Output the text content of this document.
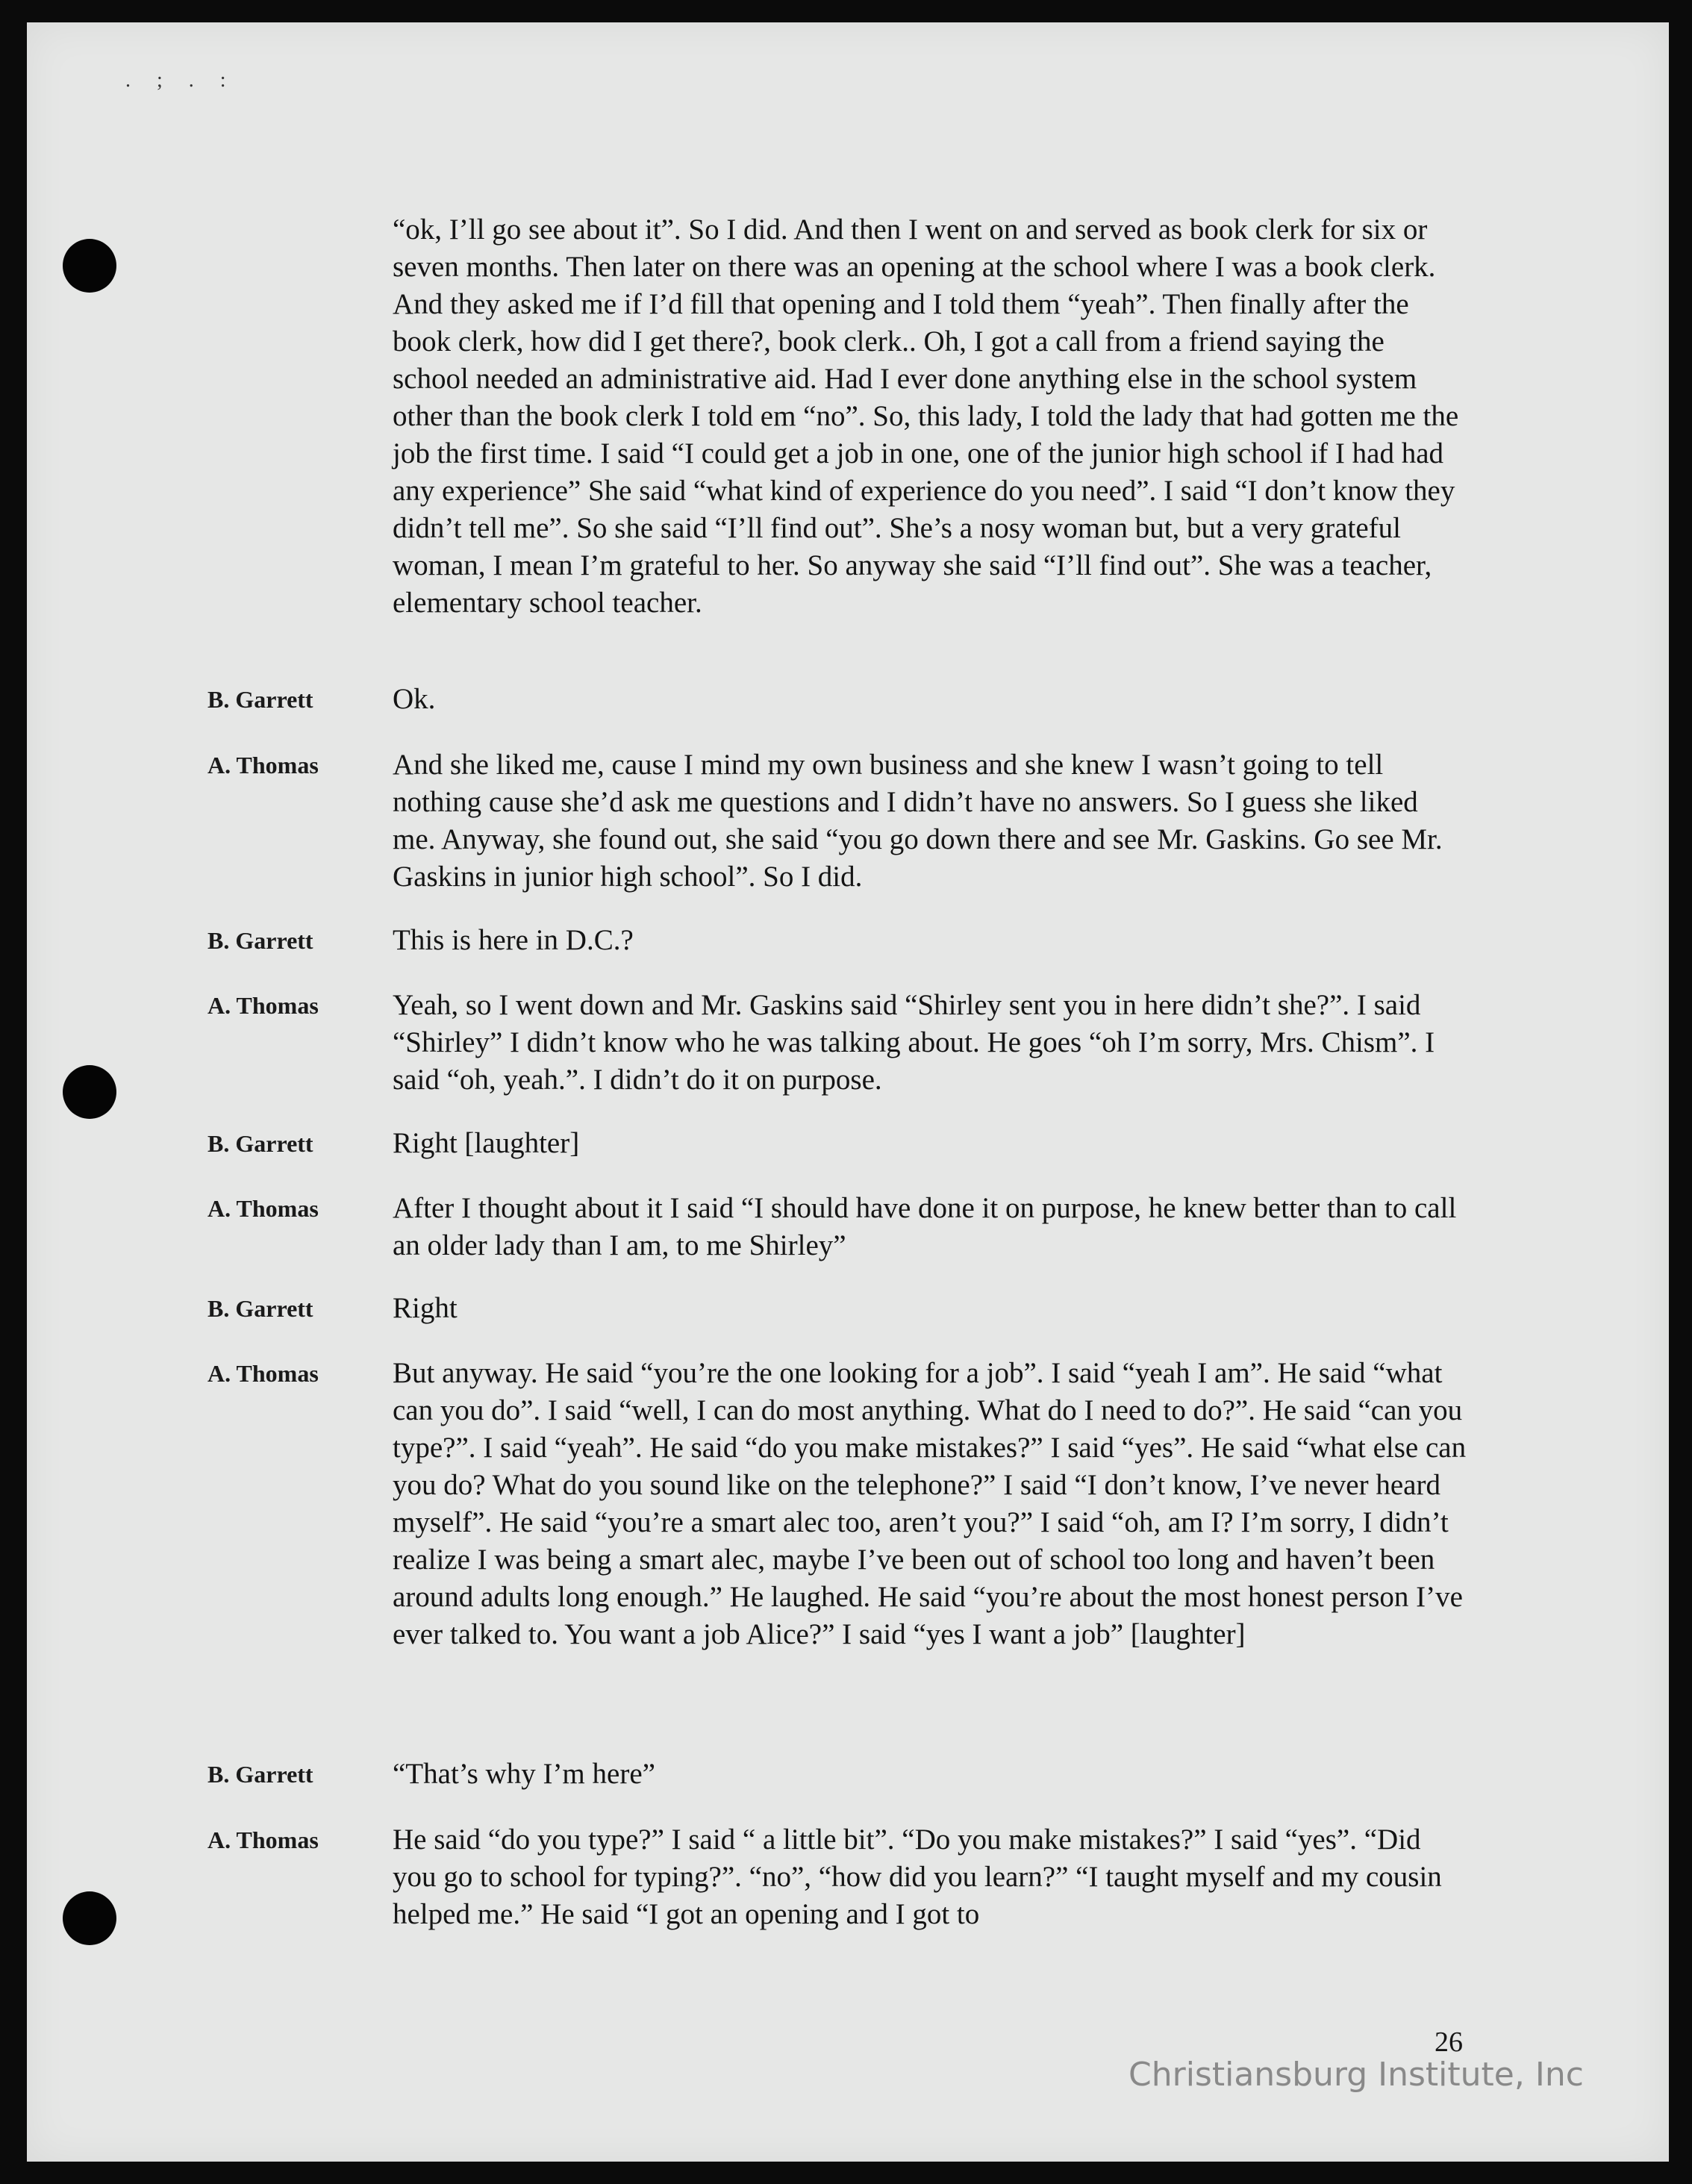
. ; . :
“ok, I’ll go see about it”. So I did. And then I went on and served as book clerk for six or seven months. Then later on there was an opening at the school where I was a book clerk. And they asked me if I’d fill that opening and I told them “yeah”. Then finally after the book clerk, how did I get there?, book clerk.. Oh, I got a call from a friend saying the school needed an administrative aid. Had I ever done anything else in the school system other than the book clerk I told em “no”. So, this lady, I told the lady that had gotten me the job the first time. I said “I could get a job in one, one of the junior high school if I had had any experience” She said “what kind of experience do you need”. I said “I don’t know they didn’t tell me”. So she said “I’ll find out”. She’s a nosy woman but, but a very grateful woman, I mean I’m grateful to her. So anyway she said “I’ll find out”. She was a teacher, elementary school teacher.
B. Garrett	Ok.
A. Thomas	And she liked me, cause I mind my own business and she knew I wasn’t going to tell nothing cause she’d ask me questions and I didn’t have no answers. So I guess she liked me. Anyway, she found out, she said “you go down there and see Mr. Gaskins. Go see Mr. Gaskins in junior high school”. So I did.
B. Garrett	This is here in D.C.?
A. Thomas	Yeah, so I went down and Mr. Gaskins said “Shirley sent you in here didn’t she?”. I said “Shirley” I didn’t know who he was talking about. He goes “oh I’m sorry, Mrs. Chism”. I said “oh, yeah.”. I didn’t do it on purpose.
B. Garrett	Right [laughter]
A. Thomas	After I thought about it I said “I should have done it on purpose, he knew better than to call an older lady than I am, to me Shirley”
B. Garrett	Right
A. Thomas	But anyway. He said “you’re the one looking for a job”. I said “yeah I am”. He said “what can you do”. I said “well, I can do most anything. What do I need to do?”. He said “can you type?”. I said “yeah”. He said “do you make mistakes?” I said “yes”. He said “what else can you do? What do you sound like on the telephone?” I said “I don’t know, I’ve never heard myself”. He said “you’re a smart alec too, aren’t you?” I said “oh, am I? I’m sorry, I didn’t realize I was being a smart alec, maybe I’ve been out of school too long and haven’t been around adults long enough.” He laughed. He said “you’re about the most honest person I’ve ever talked to. You want a job Alice?” I said “yes I want a job” [laughter]
B. Garrett	“That’s why I’m here”
A. Thomas	He said “do you type?” I said “ a little bit”. “Do you make mistakes?” I said “yes”. “Did you go to school for typing?”. “no”, “how did you learn?” “I taught myself and my cousin helped me.” He said “I got an opening and I got to
26
Christiansburg Institute, Inc
